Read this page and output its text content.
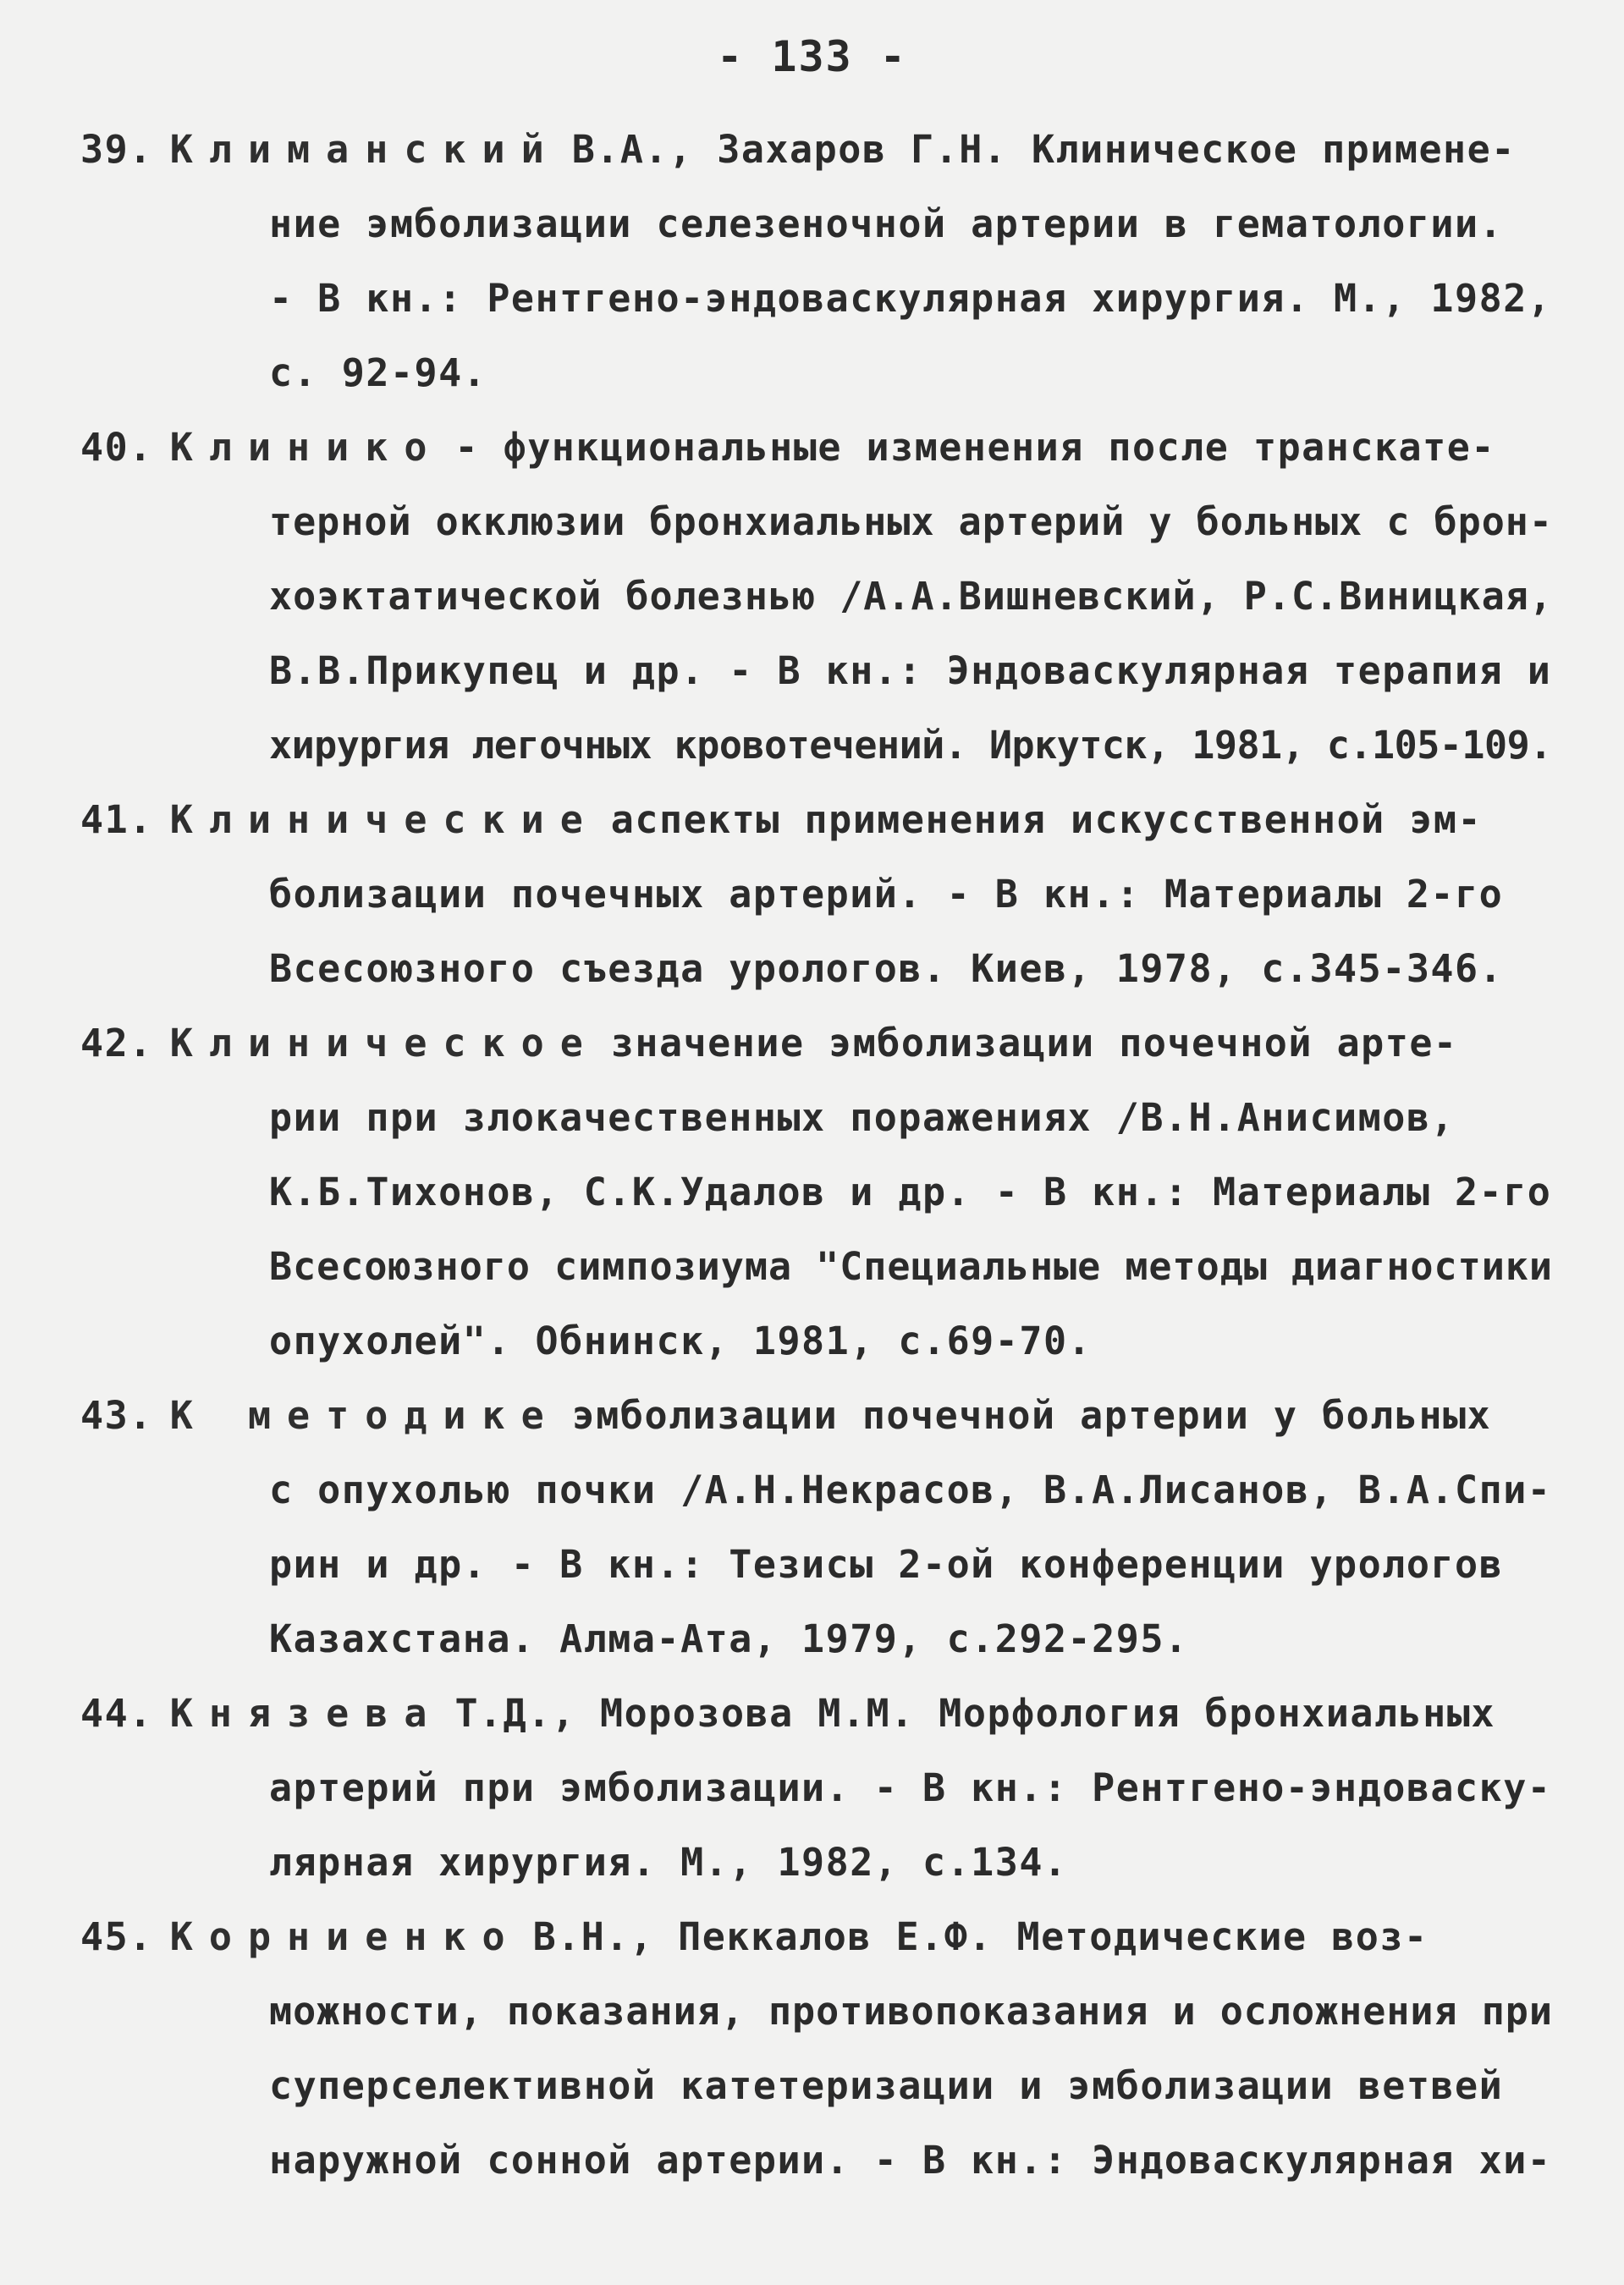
- 133 -
39. Климанский В.А., Захаров Г.Н. Клиническое примене-
ние эмболизации селезеночной артерии в гематологии.
- В кн.: Рентгено-эндоваскулярная хирургия. М., 1982,
с. 92-94.
40. Клинико - функциональные изменения после транскате-
терной окклюзии бронхиальных артерий у больных с брон-
хоэктатической болезнью /А.А.Вишневский, Р.С.Виницкая,
В.В.Прикупец и др. - В кн.: Эндоваскулярная терапия и
хирургия легочных кровотечений. Иркутск, 1981, с.105-109.
41. Клинические аспекты применения искусственной эм-
болизации почечных артерий. - В кн.: Материалы 2-го
Всесоюзного съезда урологов. Киев, 1978, с.345-346.
42. Клиническое значение эмболизации почечной арте-
рии при злокачественных поражениях /В.Н.Анисимов,
К.Б.Тихонов, С.К.Удалов и др. - В кн.: Материалы 2-го
Всесоюзного симпозиума "Специальные методы диагностики
опухолей". Обнинск, 1981, с.69-70.
43. К методике эмболизации почечной артерии у больных
с опухолью почки /А.Н.Некрасов, В.А.Лисанов, В.А.Спи-
рин и др. - В кн.: Тезисы 2-ой конференции урологов
Казахстана. Алма-Ата, 1979, с.292-295.
44. Князева Т.Д., Морозова М.М. Морфология бронхиальных
артерий при эмболизации. - В кн.: Рентгено-эндоваску-
лярная хирургия. М., 1982, с.134.
45. Корниенко В.Н., Пеккалов Е.Ф. Методические воз-
можности, показания, противопоказания и осложнения при
суперселективной катетеризации и эмболизации ветвей
наружной сонной артерии. - В кн.: Эндоваскулярная хи-
